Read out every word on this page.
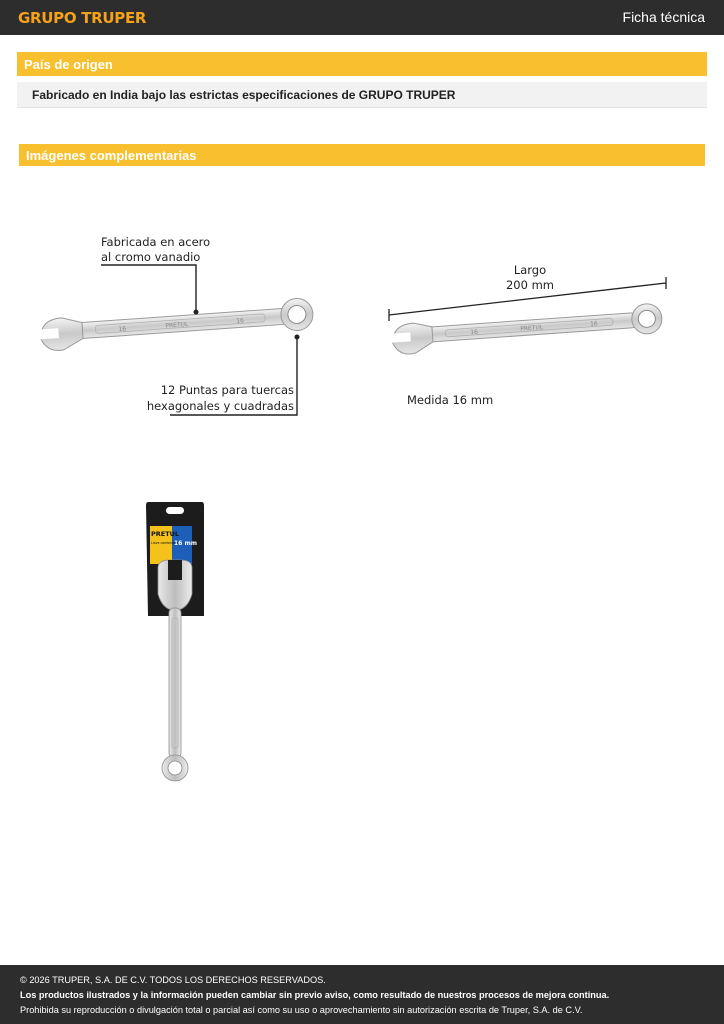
GRUPO TRUPER	Ficha técnica
País de origen
Fabricado en India bajo las estrictas especificaciones de GRUPO TRUPER
Imágenes complementarias
PRETUL
16
16
Fabricada en acero
al cromo vanadio
12 Puntas para tuercas
hexagonales y cuadradas
PRETUL
16
16
Largo
200 mm
Medida 16 mm
PRETUL
Llave combinada
16 mm

© 2026 TRUPER, S.A. DE C.V. TODOS LOS DERECHOS RESERVADOS.

Los productos ilustrados y la información pueden cambiar sin previo aviso, como resultado de nuestros procesos de mejora continua.

Prohibida su reproducción o divulgación total o parcial así como su uso o aprovechamiento sin autorización escrita de Truper, S.A. de C.V.
